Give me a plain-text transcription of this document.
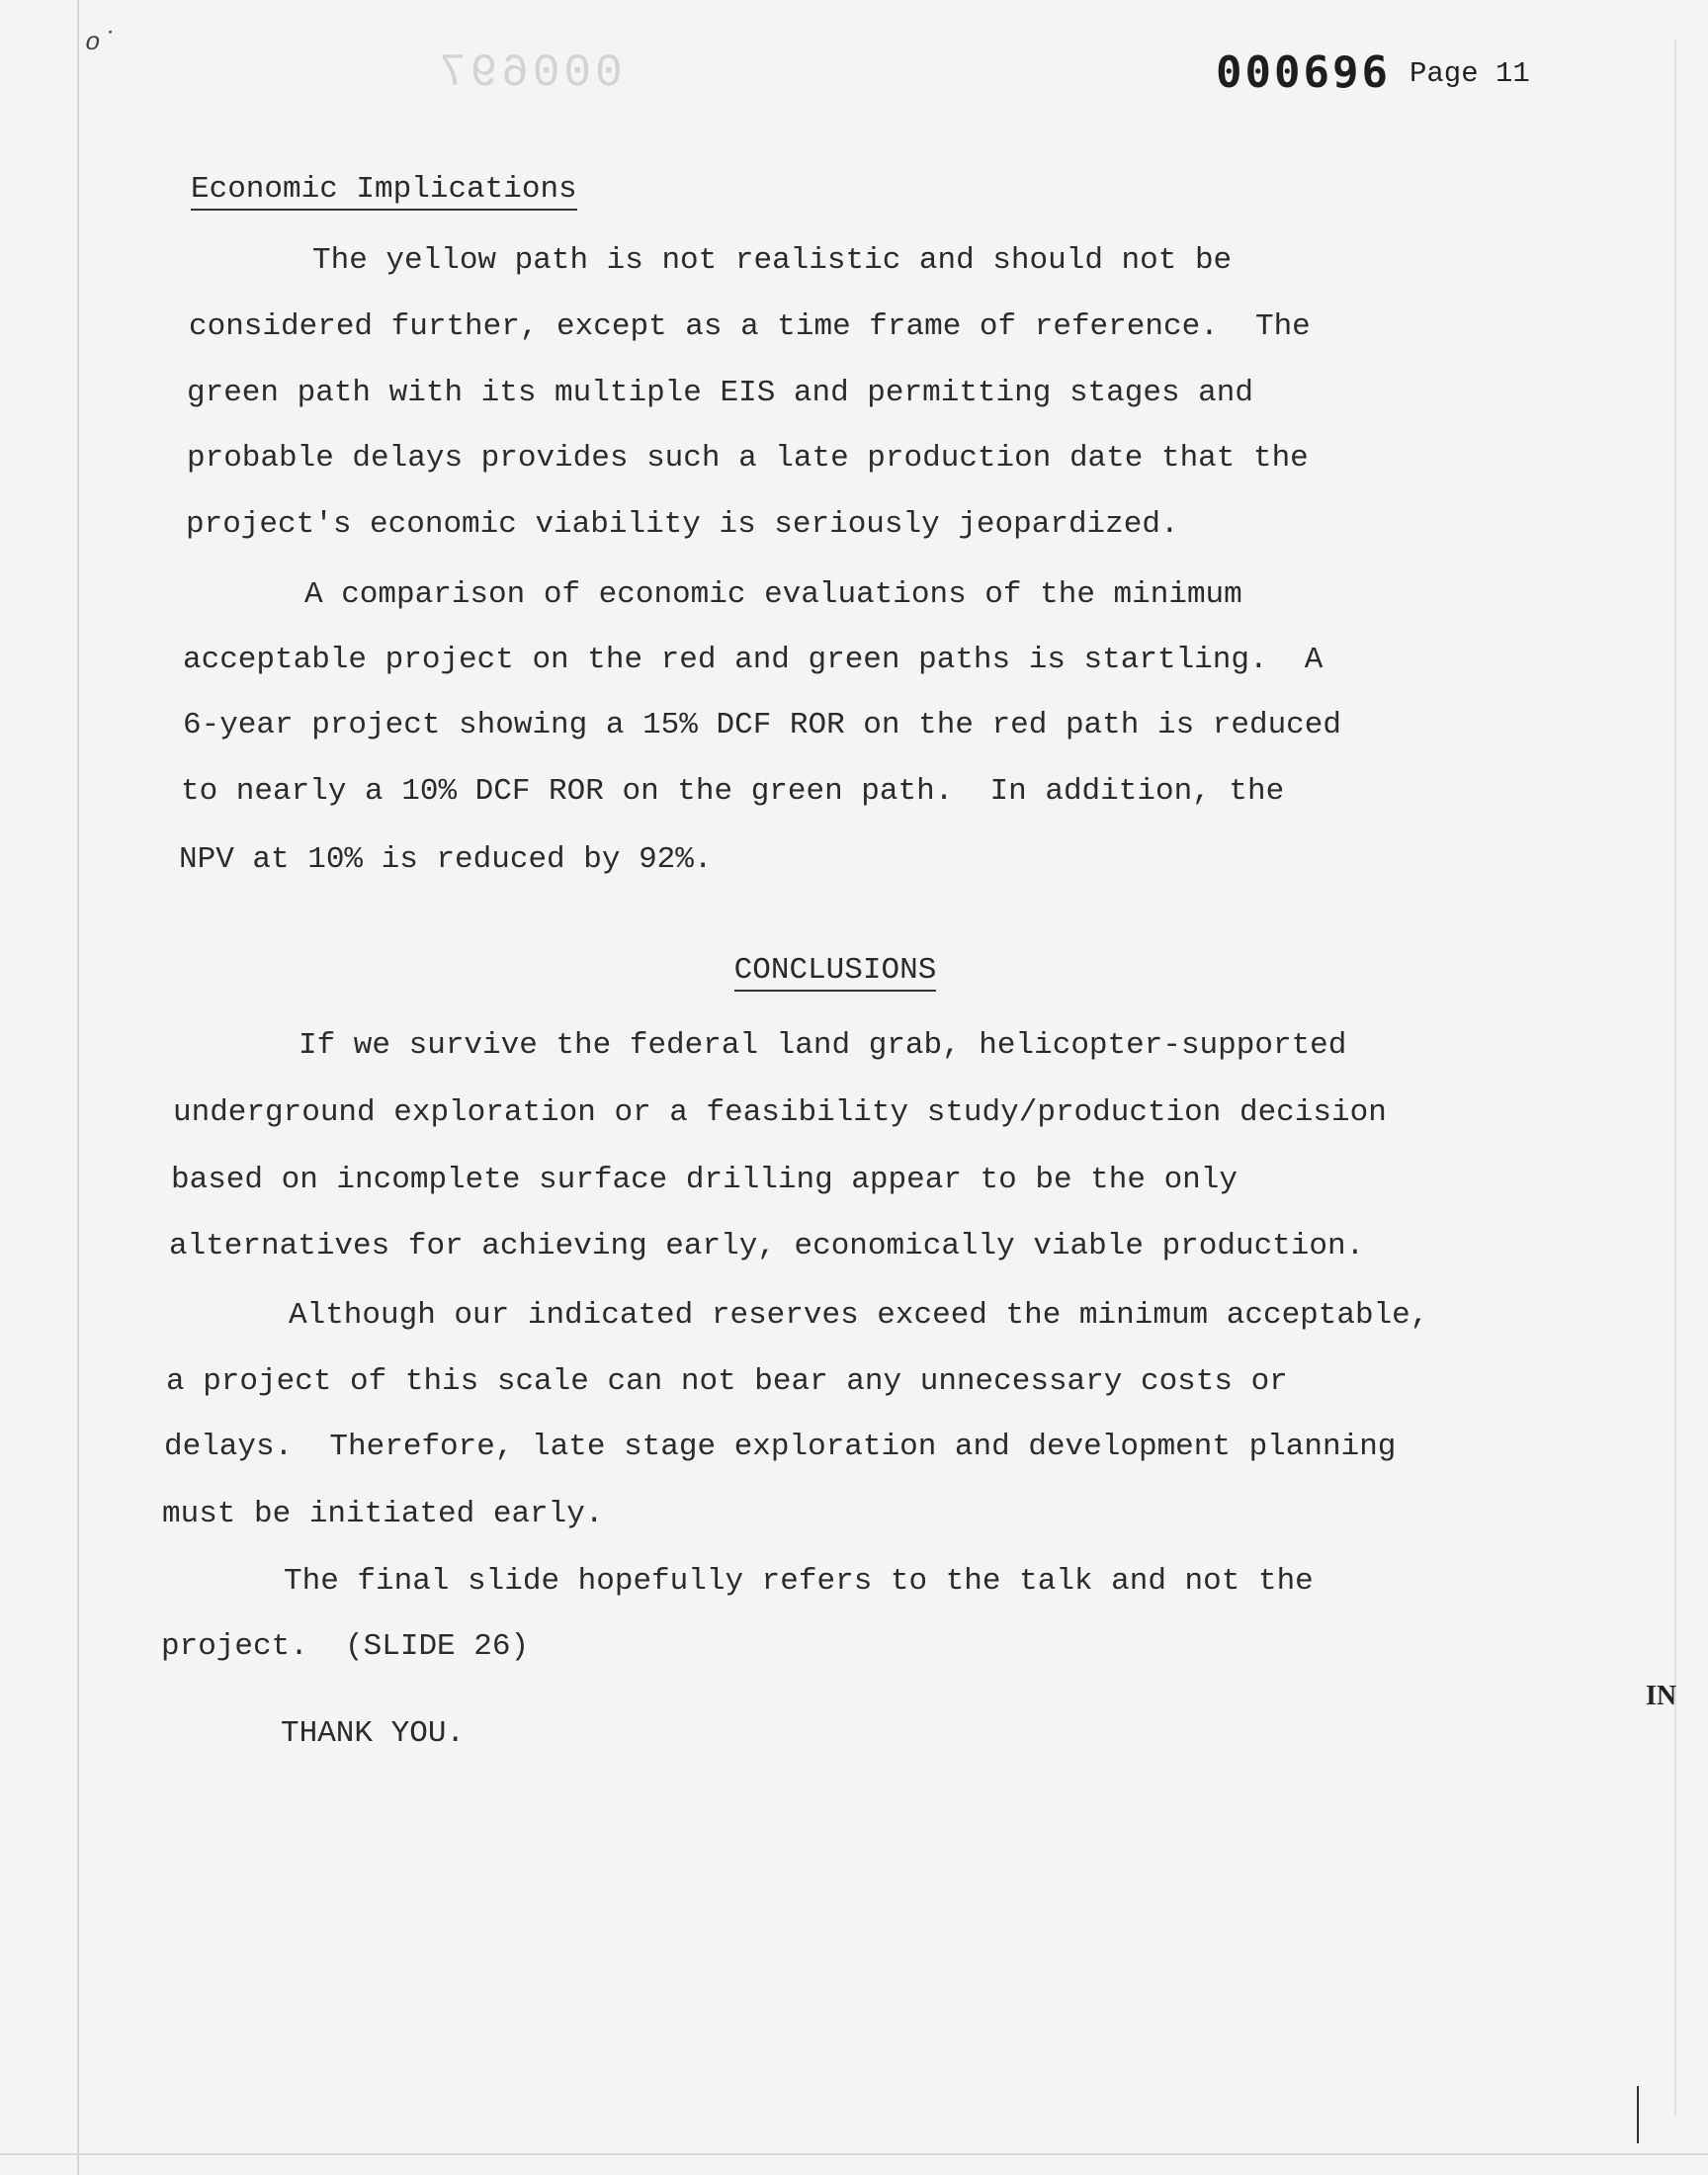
000697
o˙
000696 Page 11
Economic Implications
The yellow path is not realistic and should not be
considered further, except as a time frame of reference.  The
green path with its multiple EIS and permitting stages and
probable delays provides such a late production date that the
project's economic viability is seriously jeopardized.
A comparison of economic evaluations of the minimum
acceptable project on the red and green paths is startling.  A
6-year project showing a 15% DCF ROR on the red path is reduced
to nearly a 10% DCF ROR on the green path.  In addition, the
NPV at 10% is reduced by 92%.
CONCLUSIONS
If we survive the federal land grab, helicopter-supported
underground exploration or a feasibility study/production decision
based on incomplete surface drilling appear to be the only
alternatives for achieving early, economically viable production.
Although our indicated reserves exceed the minimum acceptable,
a project of this scale can not bear any unnecessary costs or
delays.  Therefore, late stage exploration and development planning
must be initiated early.
The final slide hopefully refers to the talk and not the
project.  (SLIDE 26)
THANK YOU.
IN
